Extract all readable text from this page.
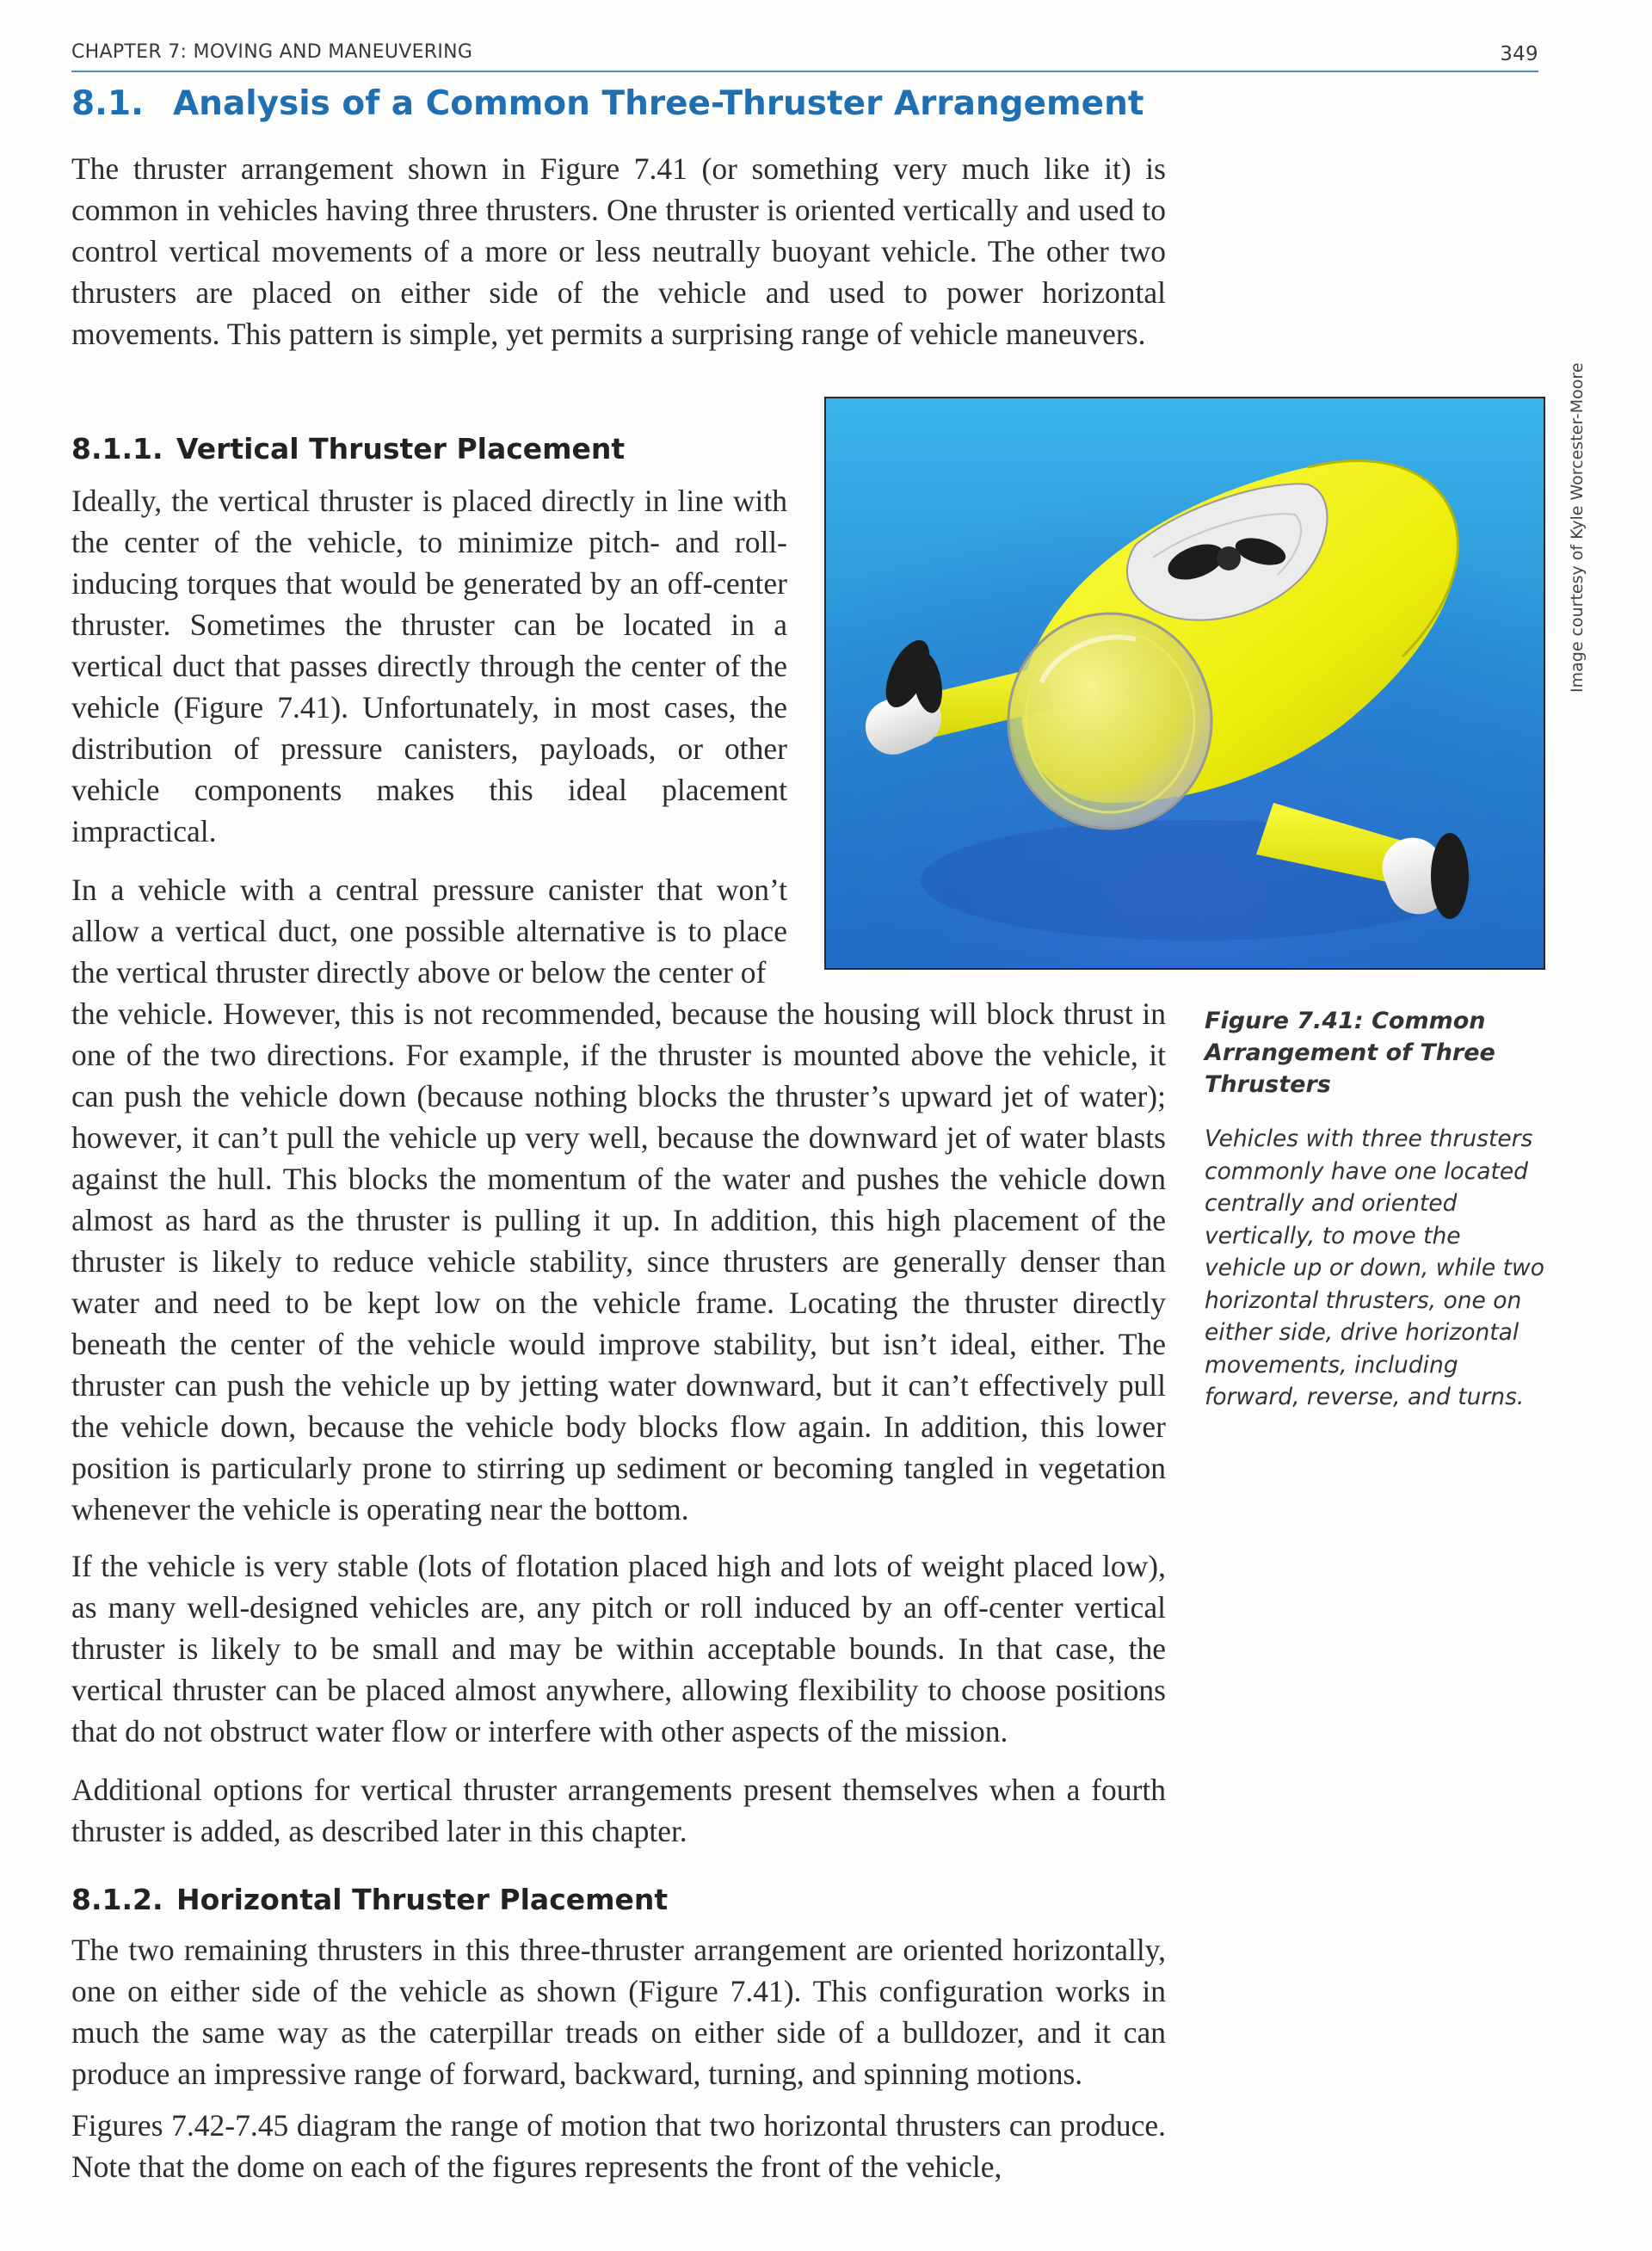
CHAPTER 7: MOVING AND MANEUVERING	349
8.1. Analysis of a Common Three-Thruster Arrangement

The thruster arrangement shown in Figure 7.41 (or something very much like it) is common in vehicles having three thrusters. One thruster is oriented vertically and used to control vertical movements of a more or less neutrally buoyant vehicle. The other two thrusters are placed on either side of the vehicle and used to power horizontal movements. This pattern is simple, yet permits a surprising range of vehicle maneuvers.

8.1.1. Vertical Thruster Placement

Ideally, the vertical thruster is placed directly in line with the center of the vehicle, to minimize pitch- and roll-inducing torques that would be generated by an off-center thruster. Sometimes the thruster can be located in a vertical duct that passes directly through the center of the vehicle (Figure 7.41). Unfortunately, in most cases, the distribution of pressure canisters, payloads, or other vehicle components makes this ideal placement impractical.

In a vehicle with a central pressure canister that won’t allow a vertical duct, one possible alternative is to place the vertical thruster directly above or below the center of

the vehicle. However, this is not recommended, because the housing will block thrust in one of the two directions. For example, if the thruster is mounted above the vehicle, it can push the vehicle down (because nothing blocks the thruster’s upward jet of water); however, it can’t pull the vehicle up very well, because the downward jet of water blasts against the hull. This blocks the momentum of the water and pushes the vehicle down almost as hard as the thruster is pulling it up. In addition, this high placement of the thruster is likely to reduce vehicle stability, since thrusters are generally denser than water and need to be kept low on the vehicle frame. Locating the thruster directly beneath the center of the vehicle would improve stability, but isn’t ideal, either. The thruster can push the vehicle up by jetting water downward, but it can’t effectively pull the vehicle down, because the vehicle body blocks flow again. In addition, this lower position is particularly prone to stirring up sediment or becoming tangled in vegetation whenever the vehicle is operating near the bottom.

If the vehicle is very stable (lots of flotation placed high and lots of weight placed low), as many well-designed vehicles are, any pitch or roll induced by an off-center vertical thruster is likely to be small and may be within acceptable bounds. In that case, the vertical thruster can be placed almost anywhere, allowing flexibility to choose positions that do not obstruct water flow or interfere with other aspects of the mission.

Additional options for vertical thruster arrangements present themselves when a fourth thruster is added, as described later in this chapter.

8.1.2. Horizontal Thruster Placement

The two remaining thrusters in this three-thruster arrangement are oriented horizontally, one on either side of the vehicle as shown (Figure 7.41). This configuration works in much the same way as the caterpillar treads on either side of a bulldozer, and it can produce an impressive range of forward, backward, turning, and spinning motions.

Figures 7.42-7.45 diagram the range of motion that two horizontal thrusters can produce. Note that the dome on each of the figures represents the front of the vehicle,

Image courtesy of Kyle Worcester-Moore

Figure 7.41: Common Arrangement of Three Thrusters

Vehicles with three thrusters commonly have one located centrally and oriented vertically, to move the vehicle up or down, while two horizontal thrusters, one on either side, drive horizontal movements, including forward, reverse, and turns.
